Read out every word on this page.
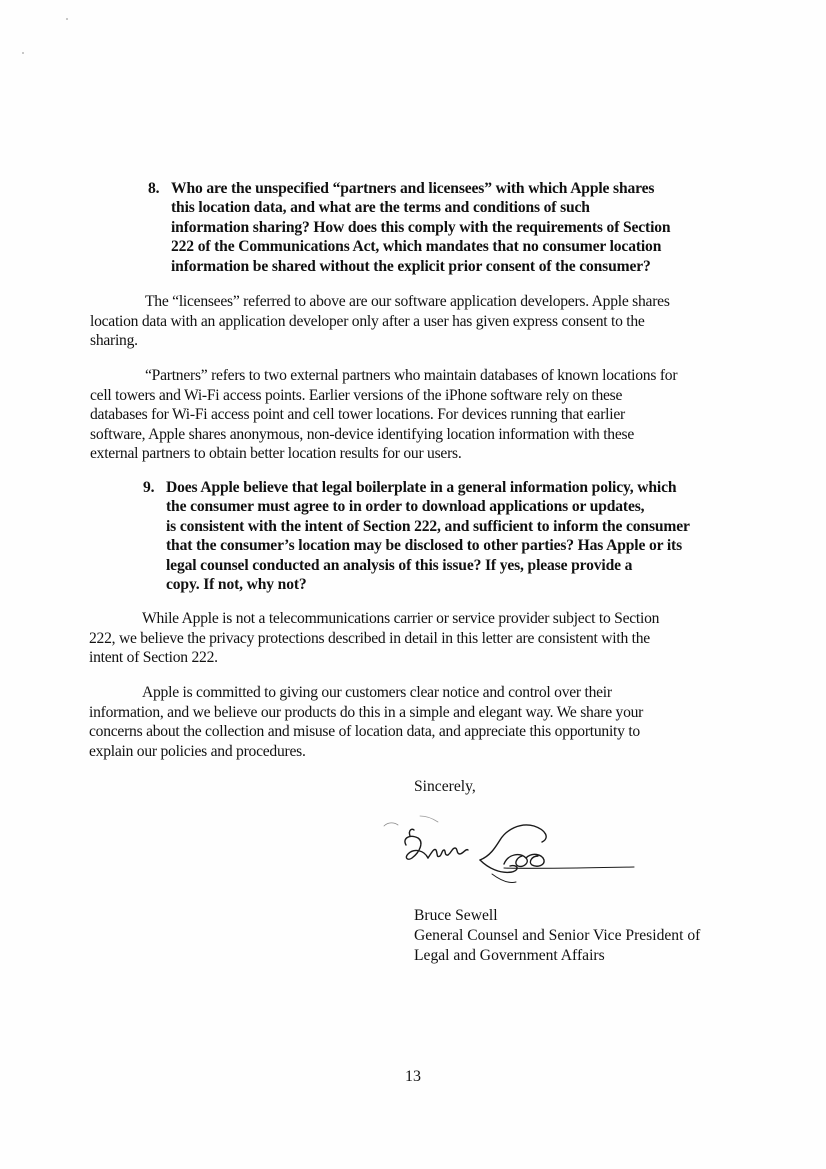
8. Who are the unspecified “partners and licensees” with which Apple shares
this location data, and what are the terms and conditions of such
information sharing? How does this comply with the requirements of Section
222 of the Communications Act, which mandates that no consumer location
information be shared without the explicit prior consent of the consumer?
The “licensees” referred to above are our software application developers. Apple shares
location data with an application developer only after a user has given express consent to the
sharing.
“Partners” refers to two external partners who maintain databases of known locations for
cell towers and Wi-Fi access points. Earlier versions of the iPhone software rely on these
databases for Wi-Fi access point and cell tower locations. For devices running that earlier
software, Apple shares anonymous, non-device identifying location information with these
external partners to obtain better location results for our users.
9. Does Apple believe that legal boilerplate in a general information policy, which
the consumer must agree to in order to download applications or updates,
is consistent with the intent of Section 222, and sufficient to inform the consumer
that the consumer’s location may be disclosed to other parties? Has Apple or its
legal counsel conducted an analysis of this issue? If yes, please provide a
copy. If not, why not?
While Apple is not a telecommunications carrier or service provider subject to Section
222, we believe the privacy protections described in detail in this letter are consistent with the
intent of Section 222.
Apple is committed to giving our customers clear notice and control over their
information, and we believe our products do this in a simple and elegant way. We share your
concerns about the collection and misuse of location data, and appreciate this opportunity to
explain our policies and procedures.
Sincerely,
Bruce Sewell
General Counsel and Senior Vice President of
Legal and Government Affairs
13
